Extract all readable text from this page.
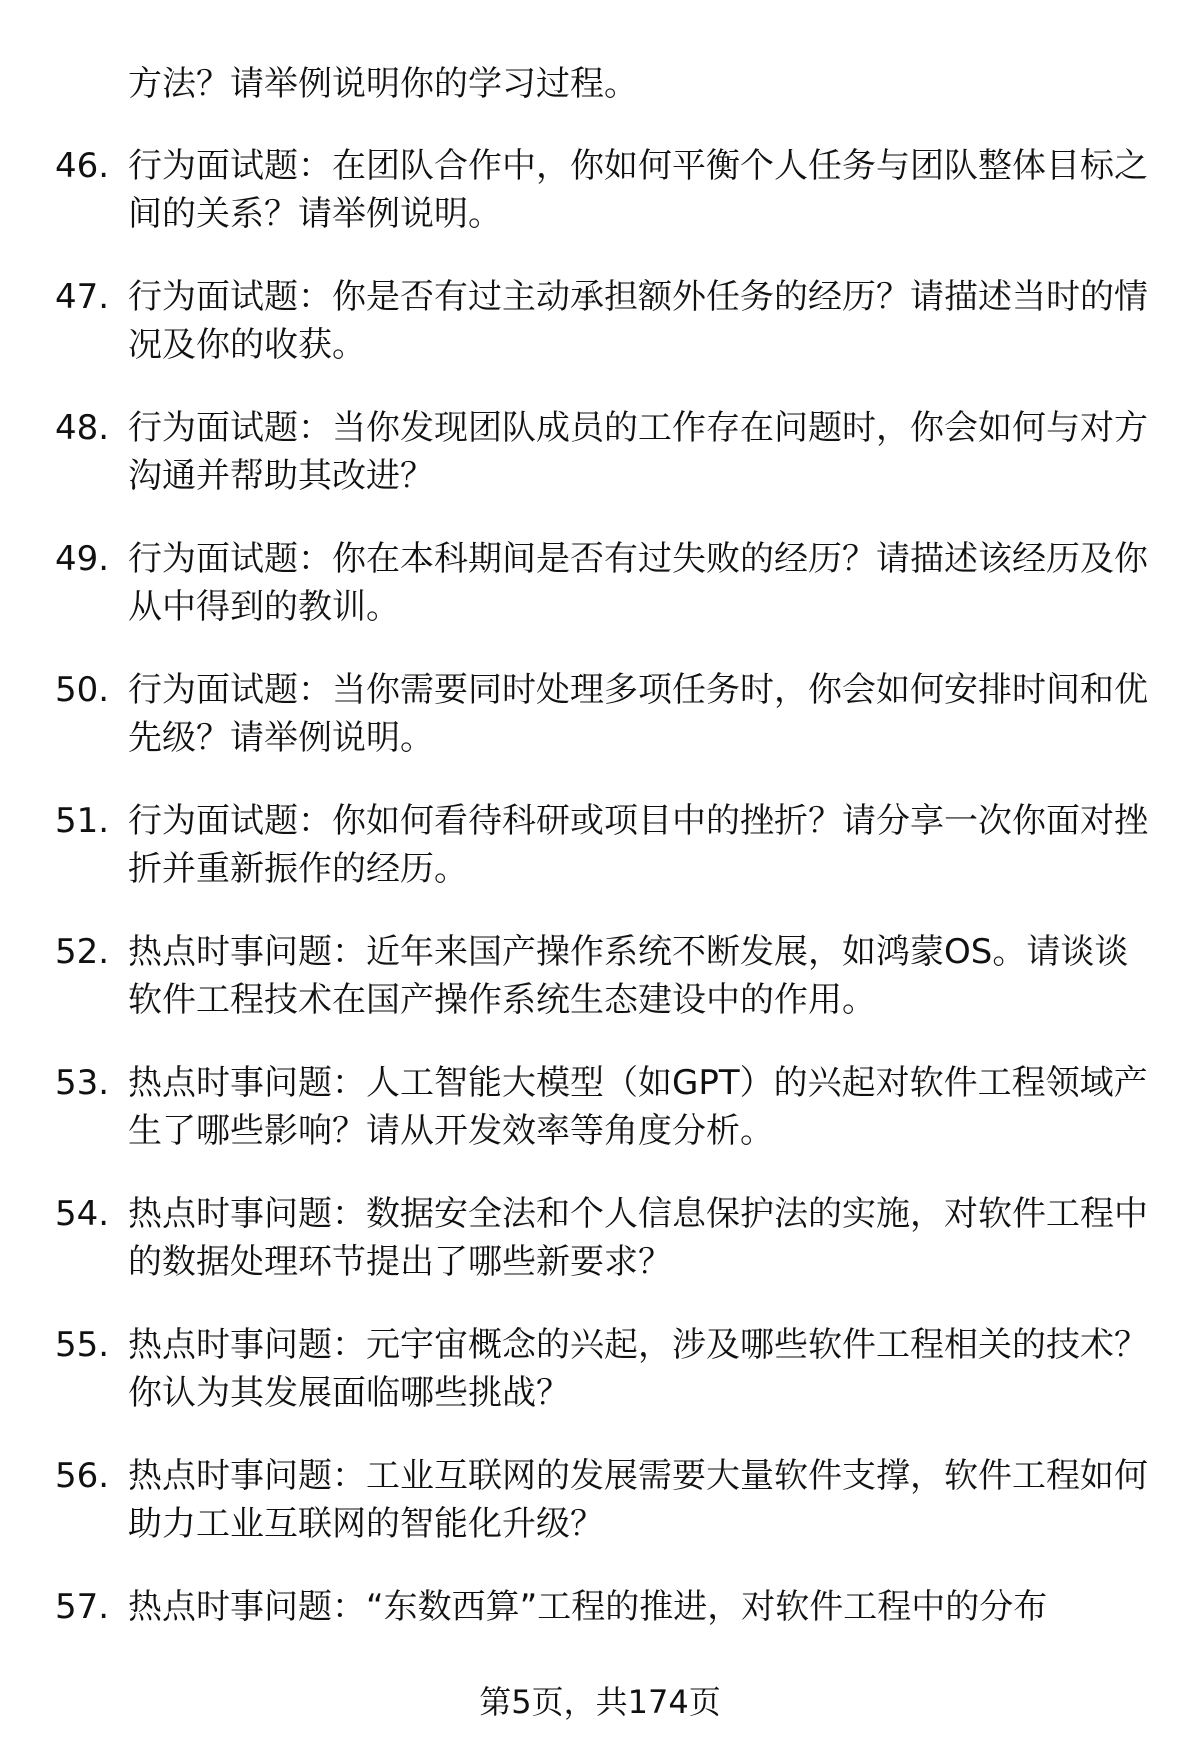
方法？请举例说明你的学习过程。
46. 行为面试题：在团队合作中，你如何平衡个人任务与团队整体目标之间的关系？请举例说明。
47. 行为面试题：你是否有过主动承担额外任务的经历？请描述当时的情况及你的收获。
48. 行为面试题：当你发现团队成员的工作存在问题时，你会如何与对方沟通并帮助其改进？
49. 行为面试题：你在本科期间是否有过失败的经历？请描述该经历及你从中得到的教训。
50. 行为面试题：当你需要同时处理多项任务时，你会如何安排时间和优先级？请举例说明。
51. 行为面试题：你如何看待科研或项目中的挫折？请分享一次你面对挫折并重新振作的经历。
52. 热点时事问题：近年来国产操作系统不断发展，如鸿蒙OS。请谈谈软件工程技术在国产操作系统生态建设中的作用。
53. 热点时事问题：人工智能大模型（如GPT）的兴起对软件工程领域产生了哪些影响？请从开发效率等角度分析。
54. 热点时事问题：数据安全法和个人信息保护法的实施，对软件工程中的数据处理环节提出了哪些新要求？
55. 热点时事问题：元宇宙概念的兴起，涉及哪些软件工程相关的技术？你认为其发展面临哪些挑战？
56. 热点时事问题：工业互联网的发展需要大量软件支撑，软件工程如何助力工业互联网的智能化升级？
57. 热点时事问题：“东数西算”工程的推进，对软件工程中的分布
第5页，共174页
